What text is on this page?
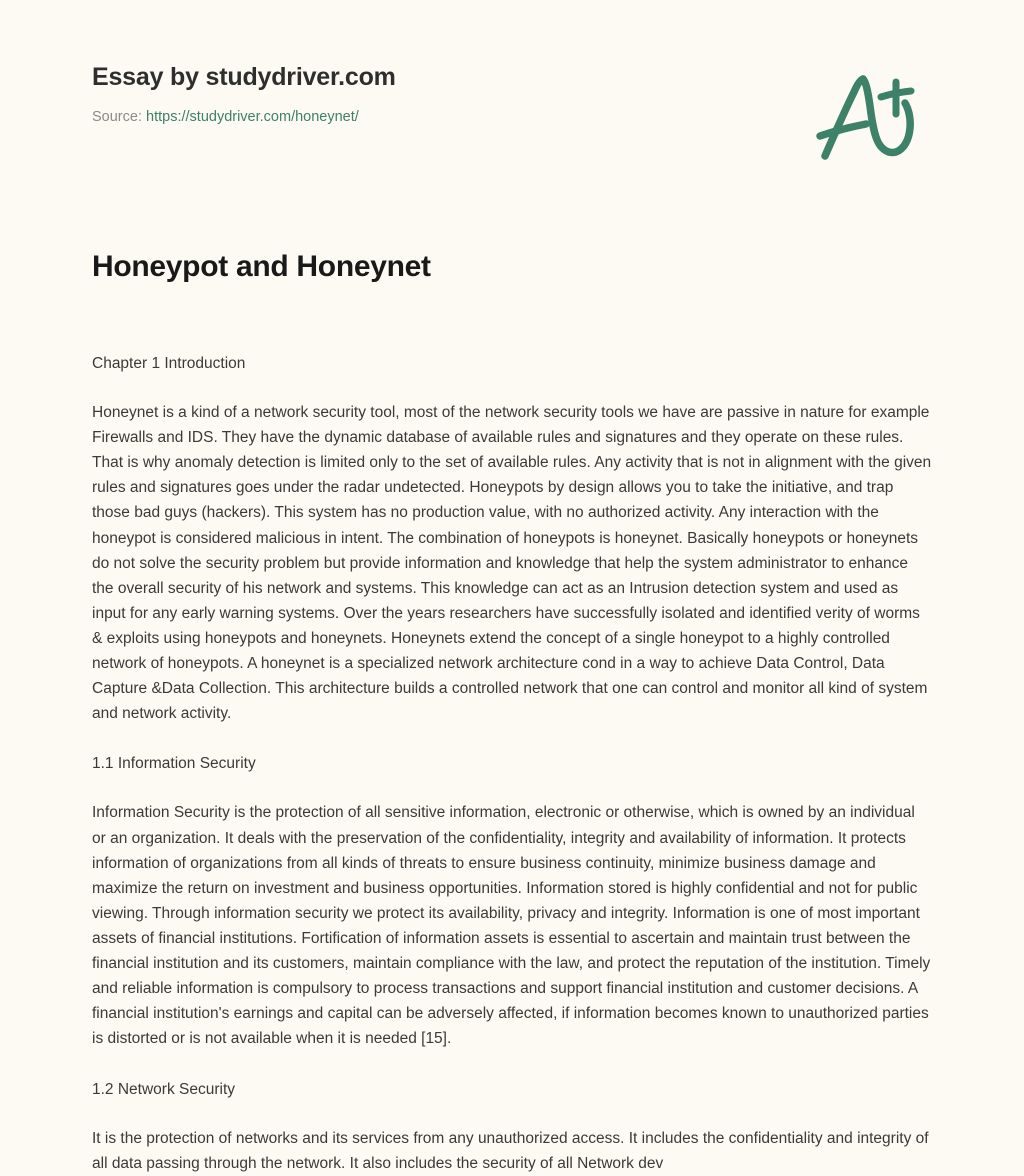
Essay by studydriver.com
Source: https://studydriver.com/honeynet/
Honeypot and Honeynet
Chapter 1 Introduction

Honeynet is a kind of a network security tool, most of the network security tools we have are passive in nature for example Firewalls and IDS. They have the dynamic database of available rules and signatures and they operate on these rules. That is why anomaly detection is limited only to the set of available rules. Any activity that is not in alignment with the given rules and signatures goes under the radar undetected. Honeypots by design allows you to take the initiative, and trap those bad guys (hackers). This system has no production value, with no authorized activity. Any interaction with the honeypot is considered malicious in intent. The combination of honeypots is honeynet. Basically honeypots or honeynets do not solve the security problem but provide information and knowledge that help the system administrator to enhance the overall security of his network and systems. This knowledge can act as an Intrusion detection system and used as input for any early warning systems. Over the years researchers have successfully isolated and identified verity of worms & exploits using honeypots and honeynets. Honeynets extend the concept of a single honeypot to a highly controlled network of honeypots. A honeynet is a specialized network architecture cond in a way to achieve Data Control, Data Capture &Data Collection. This architecture builds a controlled network that one can control and monitor all kind of system and network activity.

1.1 Information Security

Information Security is the protection of all sensitive information, electronic or otherwise, which is owned by an individual or an organization. It deals with the preservation of the confidentiality, integrity and availability of information. It protects information of organizations from all kinds of threats to ensure business continuity, minimize business damage and maximize the return on investment and business opportunities. Information stored is highly confidential and not for public viewing. Through information security we protect its availability, privacy and integrity. Information is one of most important assets of financial institutions. Fortification of information assets is essential to ascertain and maintain trust between the financial institution and its customers, maintain compliance with the law, and protect the reputation of the institution. Timely and reliable information is compulsory to process transactions and support financial institution and customer decisions. A financial institution's earnings and capital can be adversely affected, if information becomes known to unauthorized parties is distorted or is not available when it is needed [15].

1.2 Network Security

It is the protection of networks and its services from any unauthorized access. It includes the confidentiality and integrity of all data passing through the network. It also includes the security of all Network dev
